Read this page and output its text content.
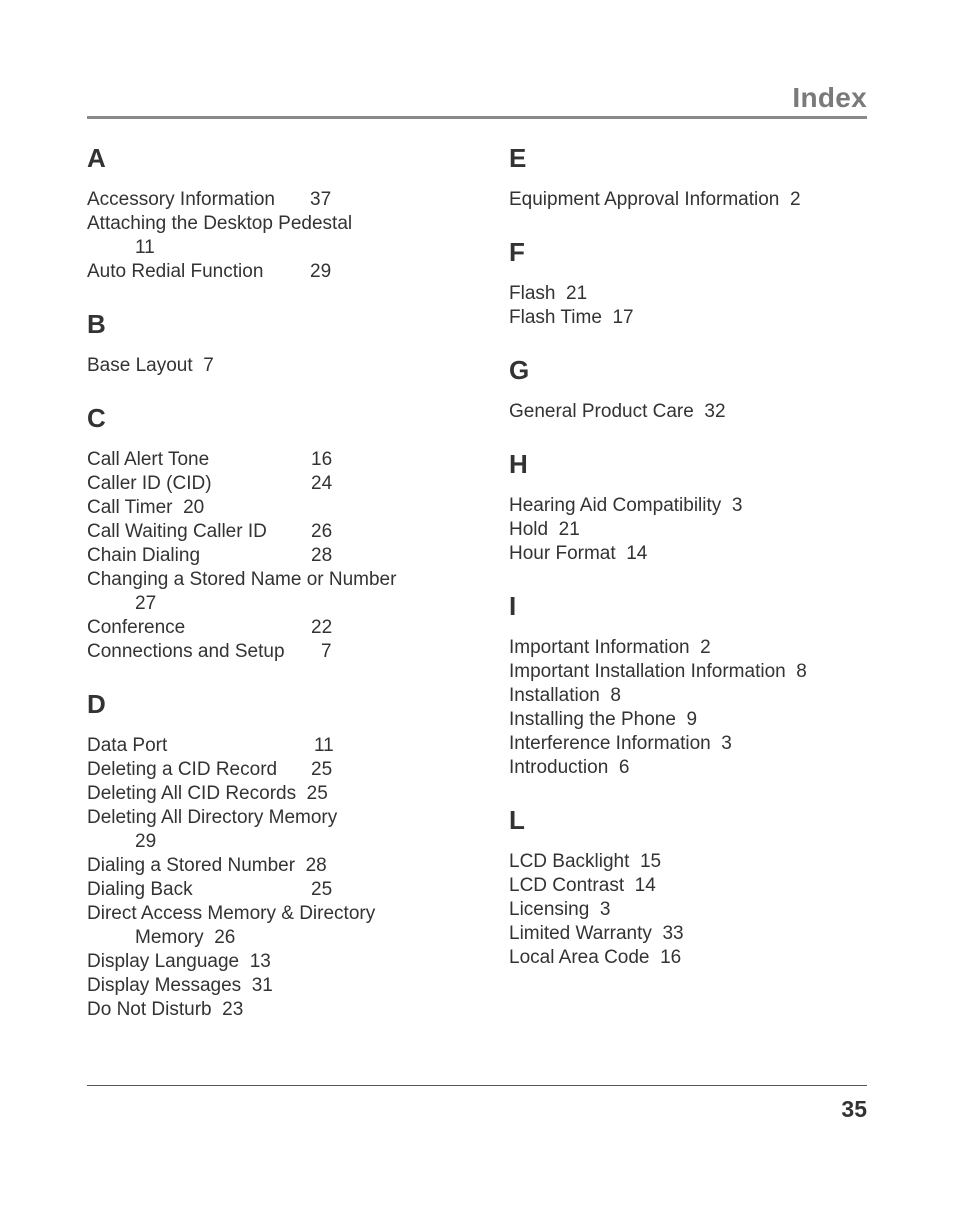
Index
A
Accessory Information 37
Attaching the Desktop Pedestal
11
Auto Redial Function 29
B
Base Layout 7
C
Call Alert Tone	16
Caller ID (CID)	24
Call Timer 20
Call Waiting Caller ID 26
Chain Dialing	28
Changing a Stored Name or Number
27
Conference	22
Connections and Setup 7
D
Data Port	11
Deleting a CID Record 25
Deleting All CID Records 25
Deleting All Directory Memory
29
Dialing a Stored Number 28
Dialing Back	25
Direct Access Memory & Directory
Memory 26
Display Language 13
Display Messages 31
Do Not Disturb 23
E
Equipment Approval Information 2
F
Flash 21
Flash Time 17
G
General Product Care 32
H
Hearing Aid Compatibility 3
Hold 21
Hour Format 14
I
Important Information 2
Important Installation Information 8
Installation 8
Installing the Phone 9
Interference Information 3
Introduction 6
L
LCD Backlight 15
LCD Contrast 14
Licensing 3
Limited Warranty 33
Local Area Code 16
35
